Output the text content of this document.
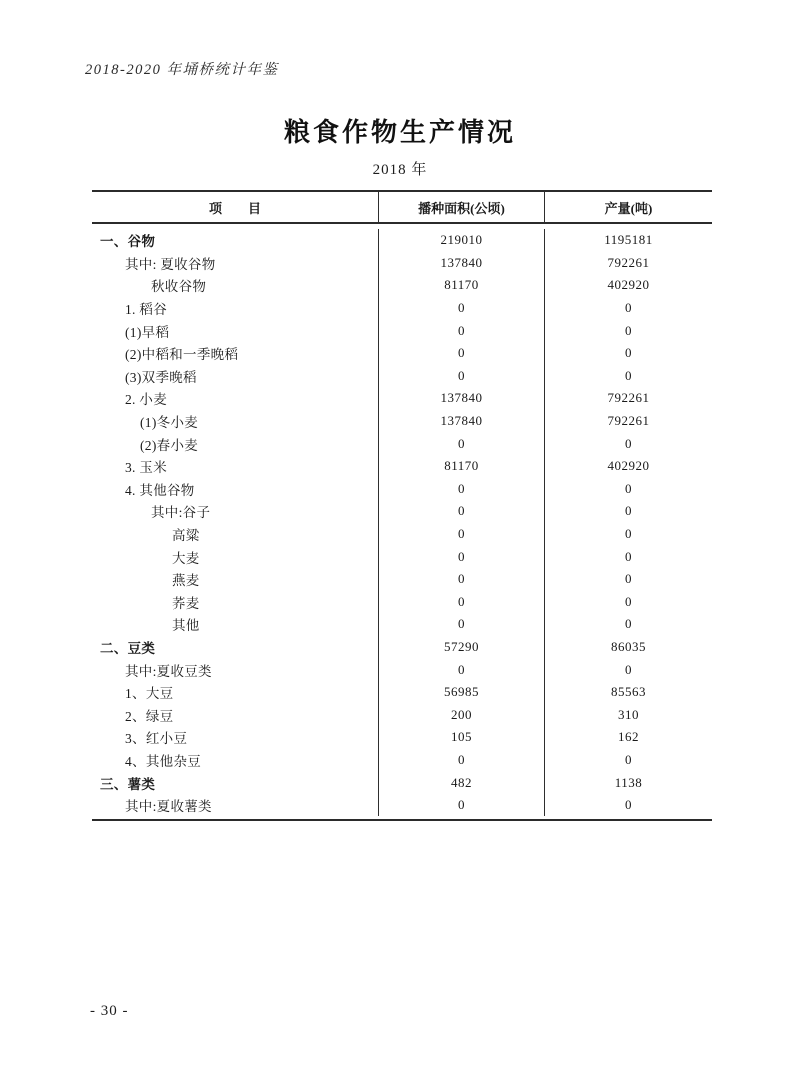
2018-2020 年埇桥统计年鉴
粮食作物生产情况
2018 年
项　　目	播种面积(公顷)	产量(吨)
一、谷物	219010	1195181
其中: 夏收谷物	137840	792261
秋收谷物	81170	402920
1. 稻谷	0	0
(1)早稻	0	0
(2)中稻和一季晚稻	0	0
(3)双季晚稻	0	0
2. 小麦	137840	792261
(1)冬小麦	137840	792261
(2)春小麦	0	0
3. 玉米	81170	402920
4. 其他谷物	0	0
其中:谷子	0	0
高粱	0	0
大麦	0	0
燕麦	0	0
荞麦	0	0
其他	0	0
二、豆类	57290	86035
其中:夏收豆类	0	0
1、大豆	56985	85563
2、绿豆	200	310
3、红小豆	105	162
4、其他杂豆	0	0
三、薯类	482	1138
其中:夏收薯类	0	0
- 30 -
